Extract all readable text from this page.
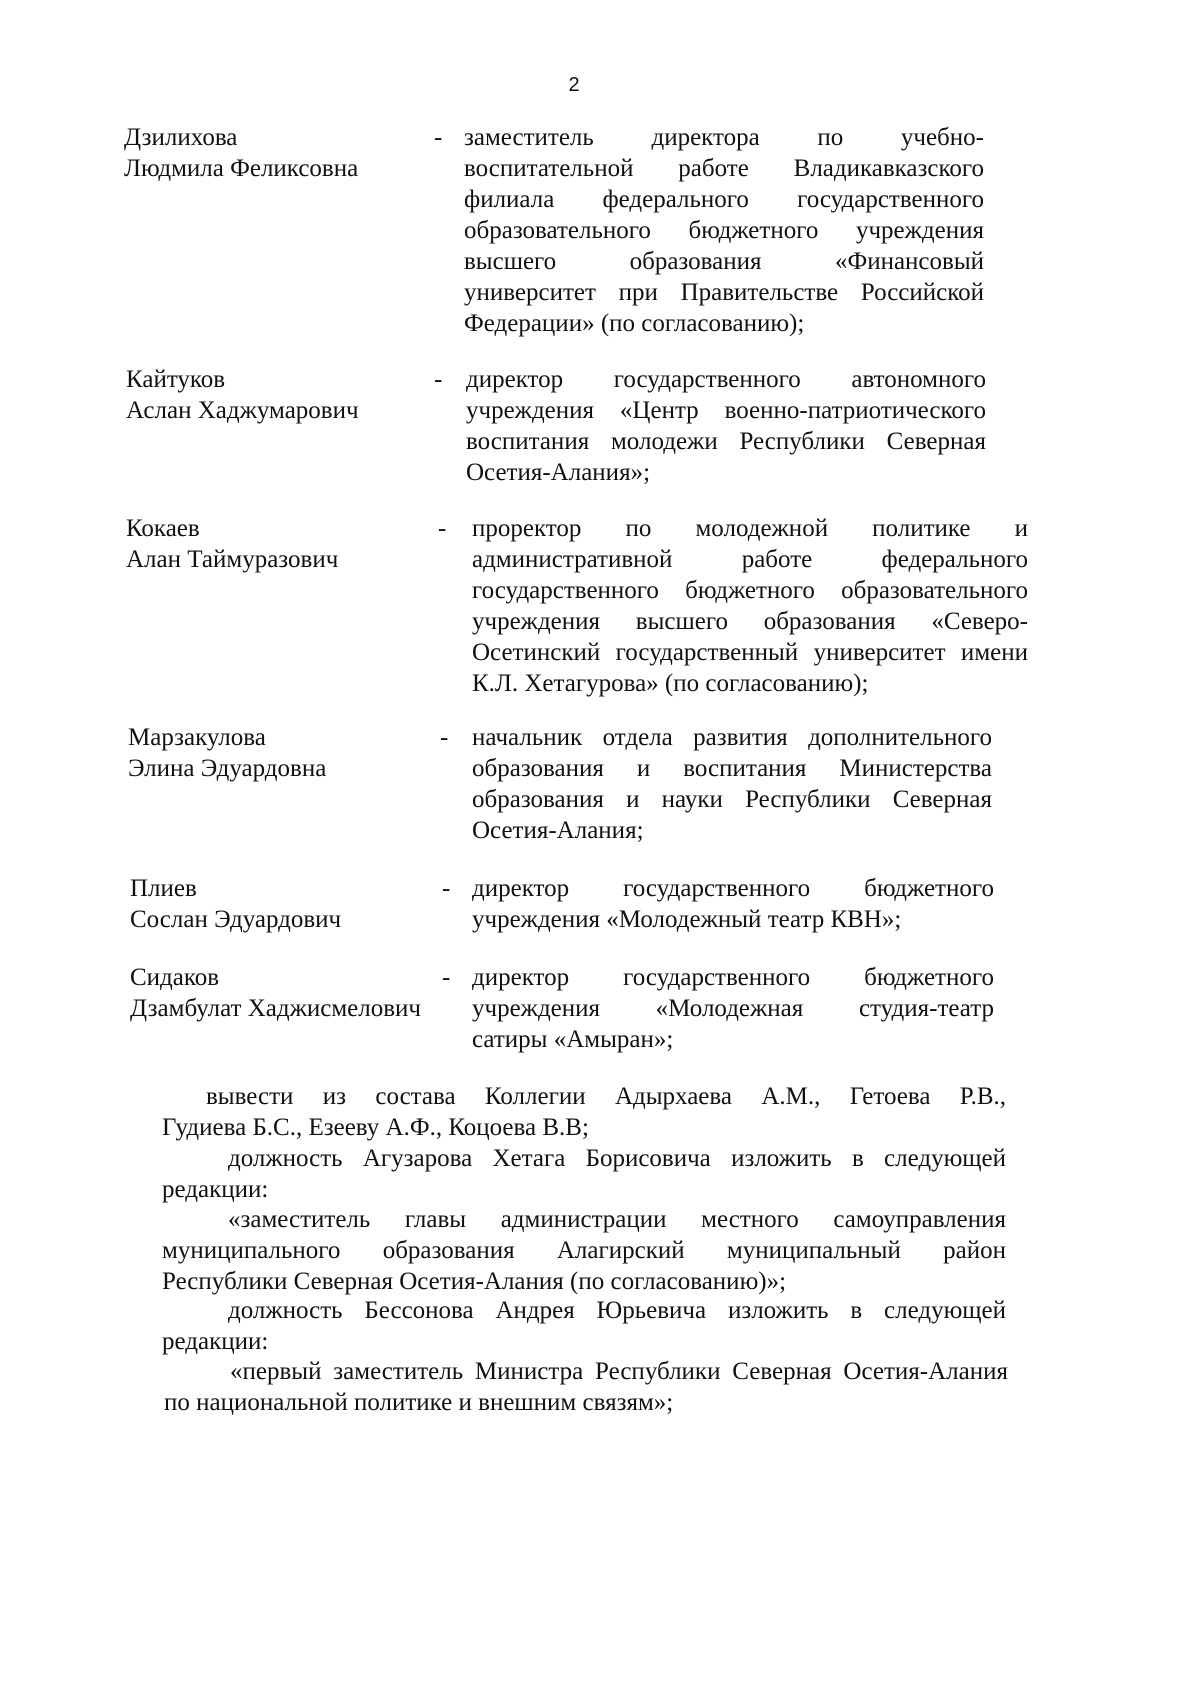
2
Дзилихова
Людмила Феликсовна
- заместитель директора по учебно-
воспитательной работе Владикавказского
филиала федерального государственного
образовательного бюджетного учреждения
высшего образования «Финансовый
университет при Правительстве Российской
Федерации» (по согласованию);
Кайтуков
Аслан Хаджумарович
- директор государственного автономного
учреждения «Центр военно-патриотического
воспитания молодежи Республики Северная
Осетия-Алания»;
Кокаев
Алан Таймуразович
- проректор по молодежной политике и
административной работе федерального
государственного бюджетного образовательного
учреждения высшего образования «Северо-
Осетинский государственный университет имени
К.Л. Хетагурова» (по согласованию);
Марзакулова
Элина Эдуардовна
- начальник отдела развития дополнительного
образования и воспитания Министерства
образования и науки Республики Северная
Осетия-Алания;
Плиев
Сослан Эдуардович
- директор государственного бюджетного
учреждения «Молодежный театр КВН»;
Сидаков
Дзамбулат Хаджисмелович
- директор государственного бюджетного
учреждения «Молодежная студия-театр
сатиры «Амыран»;
вывести из состава Коллегии Адырхаева А.М., Гетоева Р.В.,
Гудиева Б.С., Езееву А.Ф., Коцоева В.В;
должность Агузарова Хетага Борисовича изложить в следующей
редакции:
«заместитель главы администрации местного самоуправления
муниципального образования Алагирский муниципальный район
Республики Северная Осетия-Алания (по согласованию)»;
должность Бессонова Андрея Юрьевича изложить в следующей
редакции:
«первый заместитель Министра Республики Северная Осетия-Алания
по национальной политике и внешним связям»;
